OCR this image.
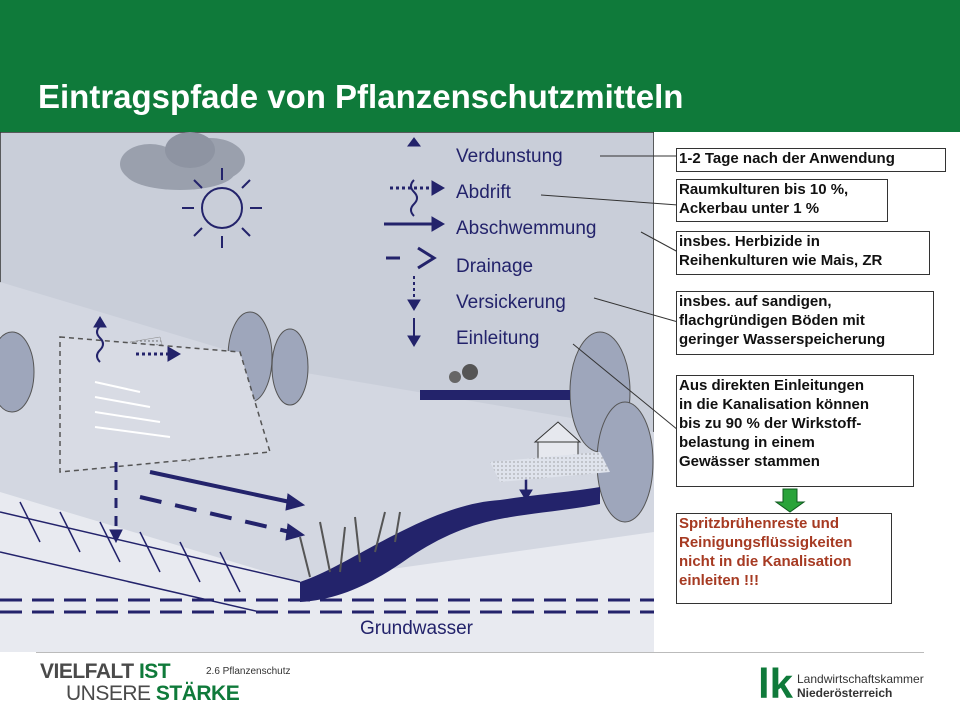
Eintragspfade von Pflanzenschutzmitteln
Verdunstung
Abdrift
Abschwemmung
Drainage
Versickerung
Einleitung
Grundwasser
1-2 Tage nach der Anwendung
Raumkulturen bis 10 %,
Ackerbau unter 1 %
insbes. Herbizide in
Reihenkulturen wie Mais, ZR
insbes. auf sandigen,
flachgründigen Böden mit
geringer Wasserspeicherung
Aus direkten Einleitungen
in die Kanalisation können
bis zu 90 % der Wirkstoff-
belastung in einem
Gewässer stammen
Spritzbrühenreste und
Reinigungsflüssigkeiten
nicht in die Kanalisation
einleiten !!!
VIELFALT IST
UNSERE STÄRKE
2.6 Pflanzenschutz	lk Landwirtschaftskammer
Niederösterreich
